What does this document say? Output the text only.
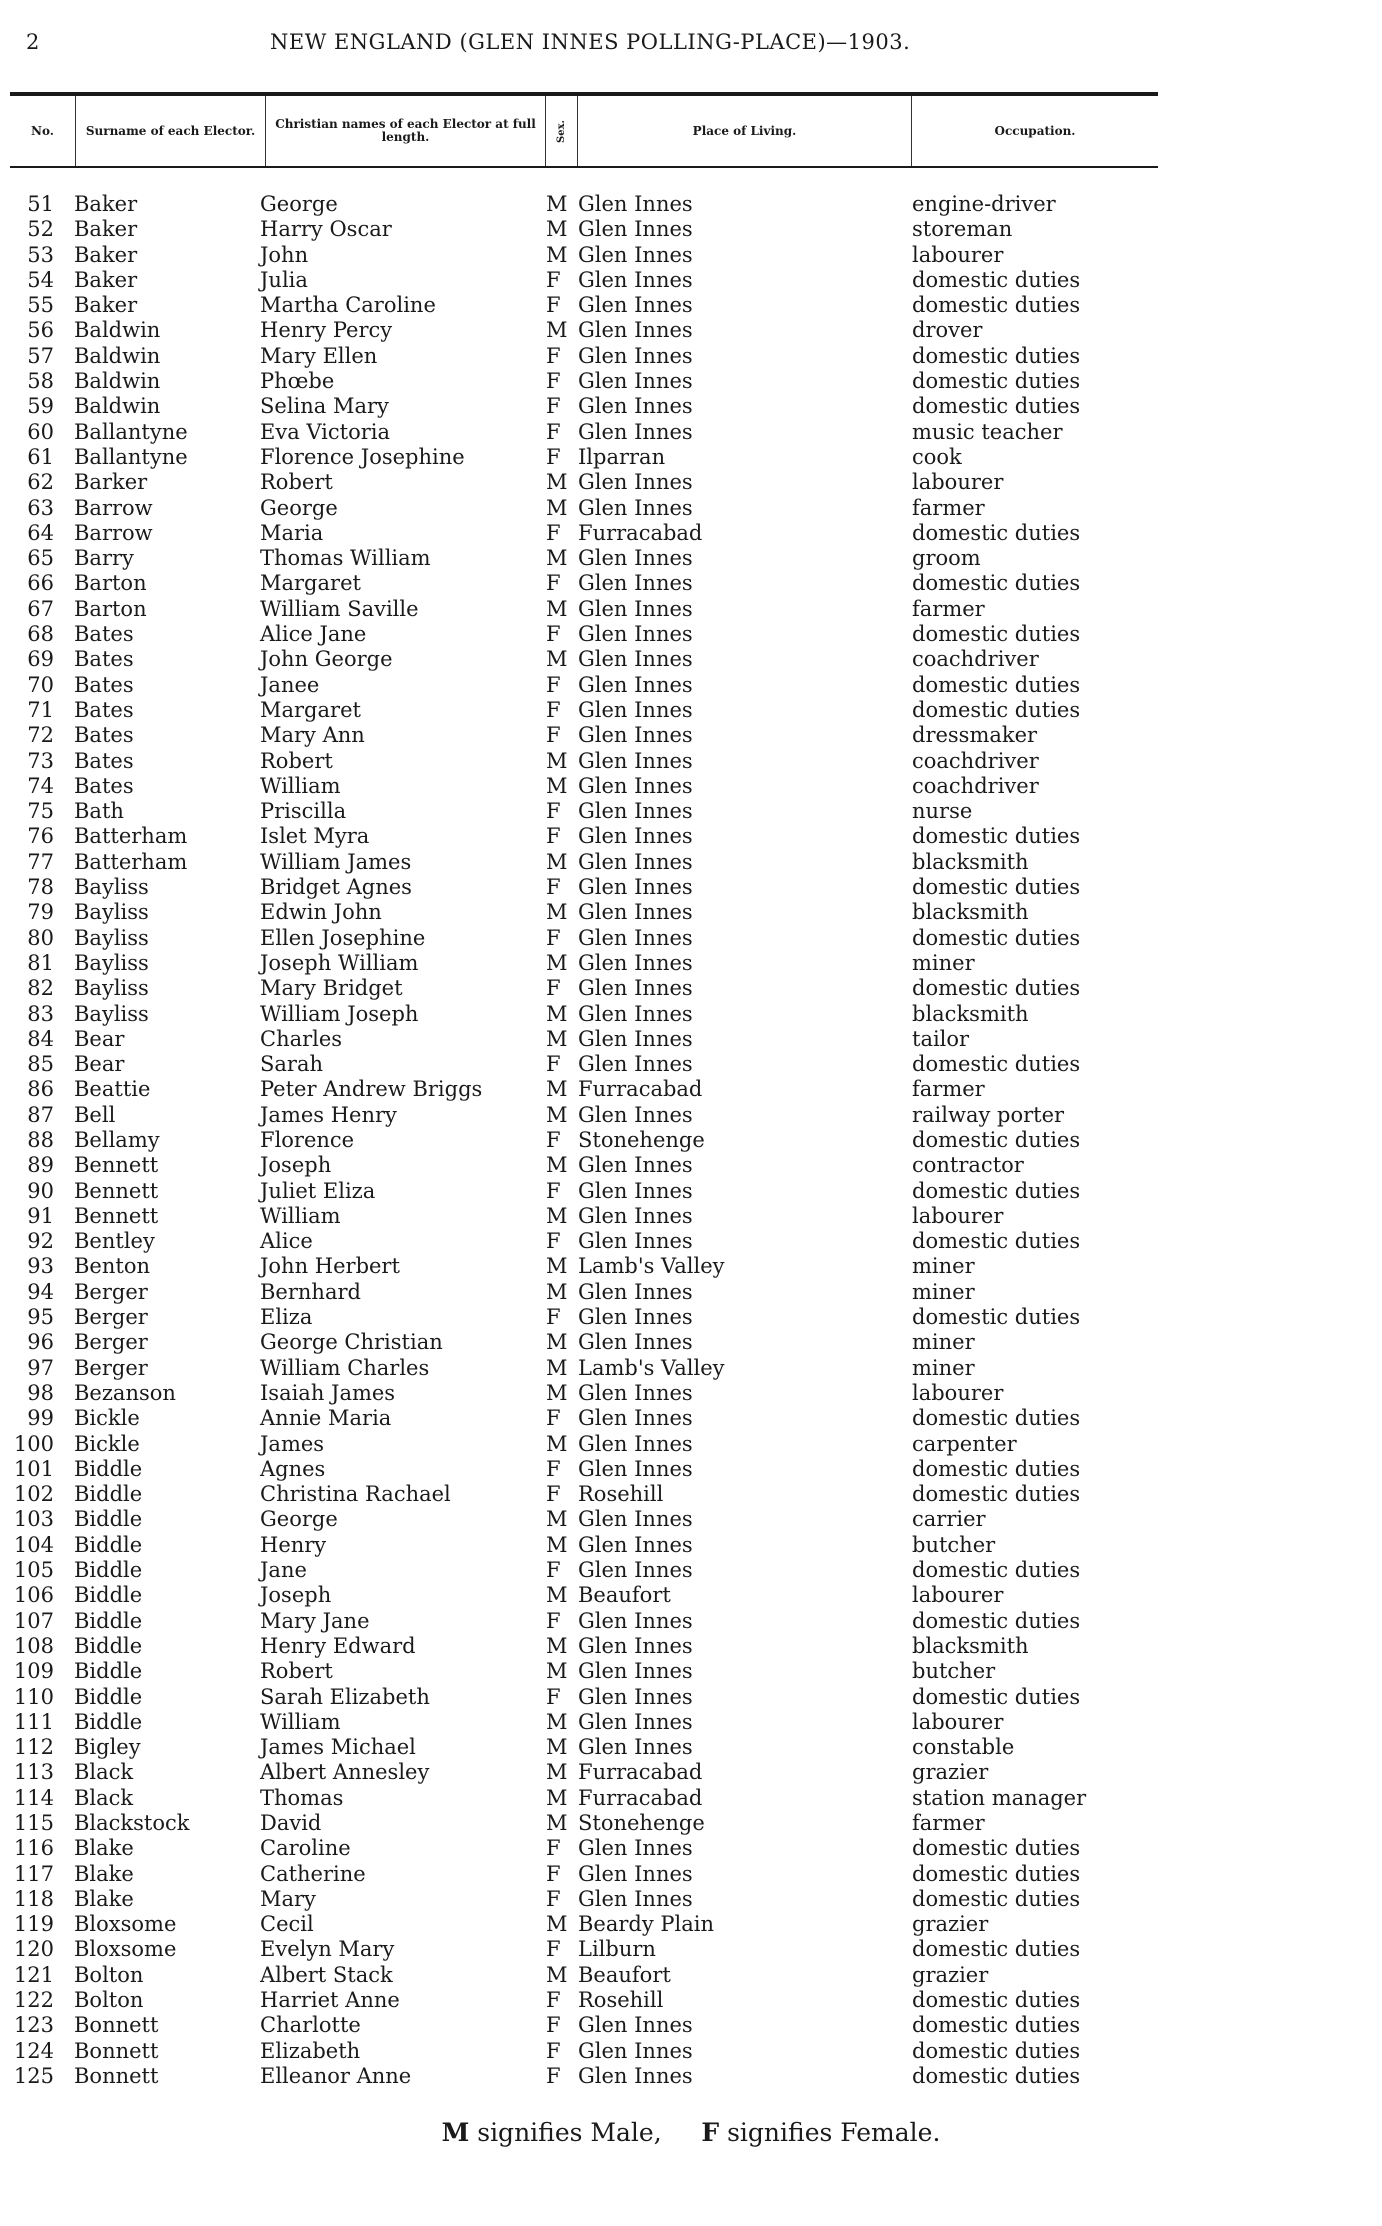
2	NEW ENGLAND (GLEN INNES POLLING-PLACE)—1903.
No.	Surname of each Elector.	Christian names of each Elector at full length.	Sex.	Place of Living.	Occupation.
51 Baker	George	M Glen Innes	engine-driver
52 Baker	Harry Oscar	M Glen Innes	storeman
53 Baker	John	M Glen Innes	labourer
54 Baker	Julia	F Glen Innes	domestic duties
55 Baker	Martha Caroline	F Glen Innes	domestic duties
56 Baldwin	Henry Percy	M Glen Innes	drover
57 Baldwin	Mary Ellen	F Glen Innes	domestic duties
58 Baldwin	Phœbe	F Glen Innes	domestic duties
59 Baldwin	Selina Mary	F Glen Innes	domestic duties
60 Ballantyne	Eva Victoria	F Glen Innes	music teacher
61 Ballantyne	Florence Josephine	F Ilparran	cook
62 Barker	Robert	M Glen Innes	labourer
63 Barrow	George	M Glen Innes	farmer
64 Barrow	Maria	F Furracabad	domestic duties
65 Barry	Thomas William	M Glen Innes	groom
66 Barton	Margaret	F Glen Innes	domestic duties
67 Barton	William Saville	M Glen Innes	farmer
68 Bates	Alice Jane	F Glen Innes	domestic duties
69 Bates	John George	M Glen Innes	coachdriver
70 Bates	Janee	F Glen Innes	domestic duties
71 Bates	Margaret	F Glen Innes	domestic duties
72 Bates	Mary Ann	F Glen Innes	dressmaker
73 Bates	Robert	M Glen Innes	coachdriver
74 Bates	William	M Glen Innes	coachdriver
75 Bath	Priscilla	F Glen Innes	nurse
76 Batterham	Islet Myra	F Glen Innes	domestic duties
77 Batterham	William James	M Glen Innes	blacksmith
78 Bayliss	Bridget Agnes	F Glen Innes	domestic duties
79 Bayliss	Edwin John	M Glen Innes	blacksmith
80 Bayliss	Ellen Josephine	F Glen Innes	domestic duties
81 Bayliss	Joseph William	M Glen Innes	miner
82 Bayliss	Mary Bridget	F Glen Innes	domestic duties
83 Bayliss	William Joseph	M Glen Innes	blacksmith
84 Bear	Charles	M Glen Innes	tailor
85 Bear	Sarah	F Glen Innes	domestic duties
86 Beattie	Peter Andrew Briggs	M Furracabad	farmer
87 Bell	James Henry	M Glen Innes	railway porter
88 Bellamy	Florence	F Stonehenge	domestic duties
89 Bennett	Joseph	M Glen Innes	contractor
90 Bennett	Juliet Eliza	F Glen Innes	domestic duties
91 Bennett	William	M Glen Innes	labourer
92 Bentley	Alice	F Glen Innes	domestic duties
93 Benton	John Herbert	M Lamb's Valley	miner
94 Berger	Bernhard	M Glen Innes	miner
95 Berger	Eliza	F Glen Innes	domestic duties
96 Berger	George Christian	M Glen Innes	miner
97 Berger	William Charles	M Lamb's Valley	miner
98 Bezanson	Isaiah James	M Glen Innes	labourer
99 Bickle	Annie Maria	F Glen Innes	domestic duties
100 Bickle	James	M Glen Innes	carpenter
101 Biddle	Agnes	F Glen Innes	domestic duties
102 Biddle	Christina Rachael	F Rosehill	domestic duties
103 Biddle	George	M Glen Innes	carrier
104 Biddle	Henry	M Glen Innes	butcher
105 Biddle	Jane	F Glen Innes	domestic duties
106 Biddle	Joseph	M Beaufort	labourer
107 Biddle	Mary Jane	F Glen Innes	domestic duties
108 Biddle	Henry Edward	M Glen Innes	blacksmith
109 Biddle	Robert	M Glen Innes	butcher
110 Biddle	Sarah Elizabeth	F Glen Innes	domestic duties
111 Biddle	William	M Glen Innes	labourer
112 Bigley	James Michael	M Glen Innes	constable
113 Black	Albert Annesley	M Furracabad	grazier
114 Black	Thomas	M Furracabad	station manager
115 Blackstock	David	M Stonehenge	farmer
116 Blake	Caroline	F Glen Innes	domestic duties
117 Blake	Catherine	F Glen Innes	domestic duties
118 Blake	Mary	F Glen Innes	domestic duties
119 Bloxsome	Cecil	M Beardy Plain	grazier
120 Bloxsome	Evelyn Mary	F Lilburn	domestic duties
121 Bolton	Albert Stack	M Beaufort	grazier
122 Bolton	Harriet Anne	F Rosehill	domestic duties
123 Bonnett	Charlotte	F Glen Innes	domestic duties
124 Bonnett	Elizabeth	F Glen Innes	domestic duties
125 Bonnett	Elleanor Anne	F Glen Innes	domestic duties
M signifies Male, F signifies Female.
